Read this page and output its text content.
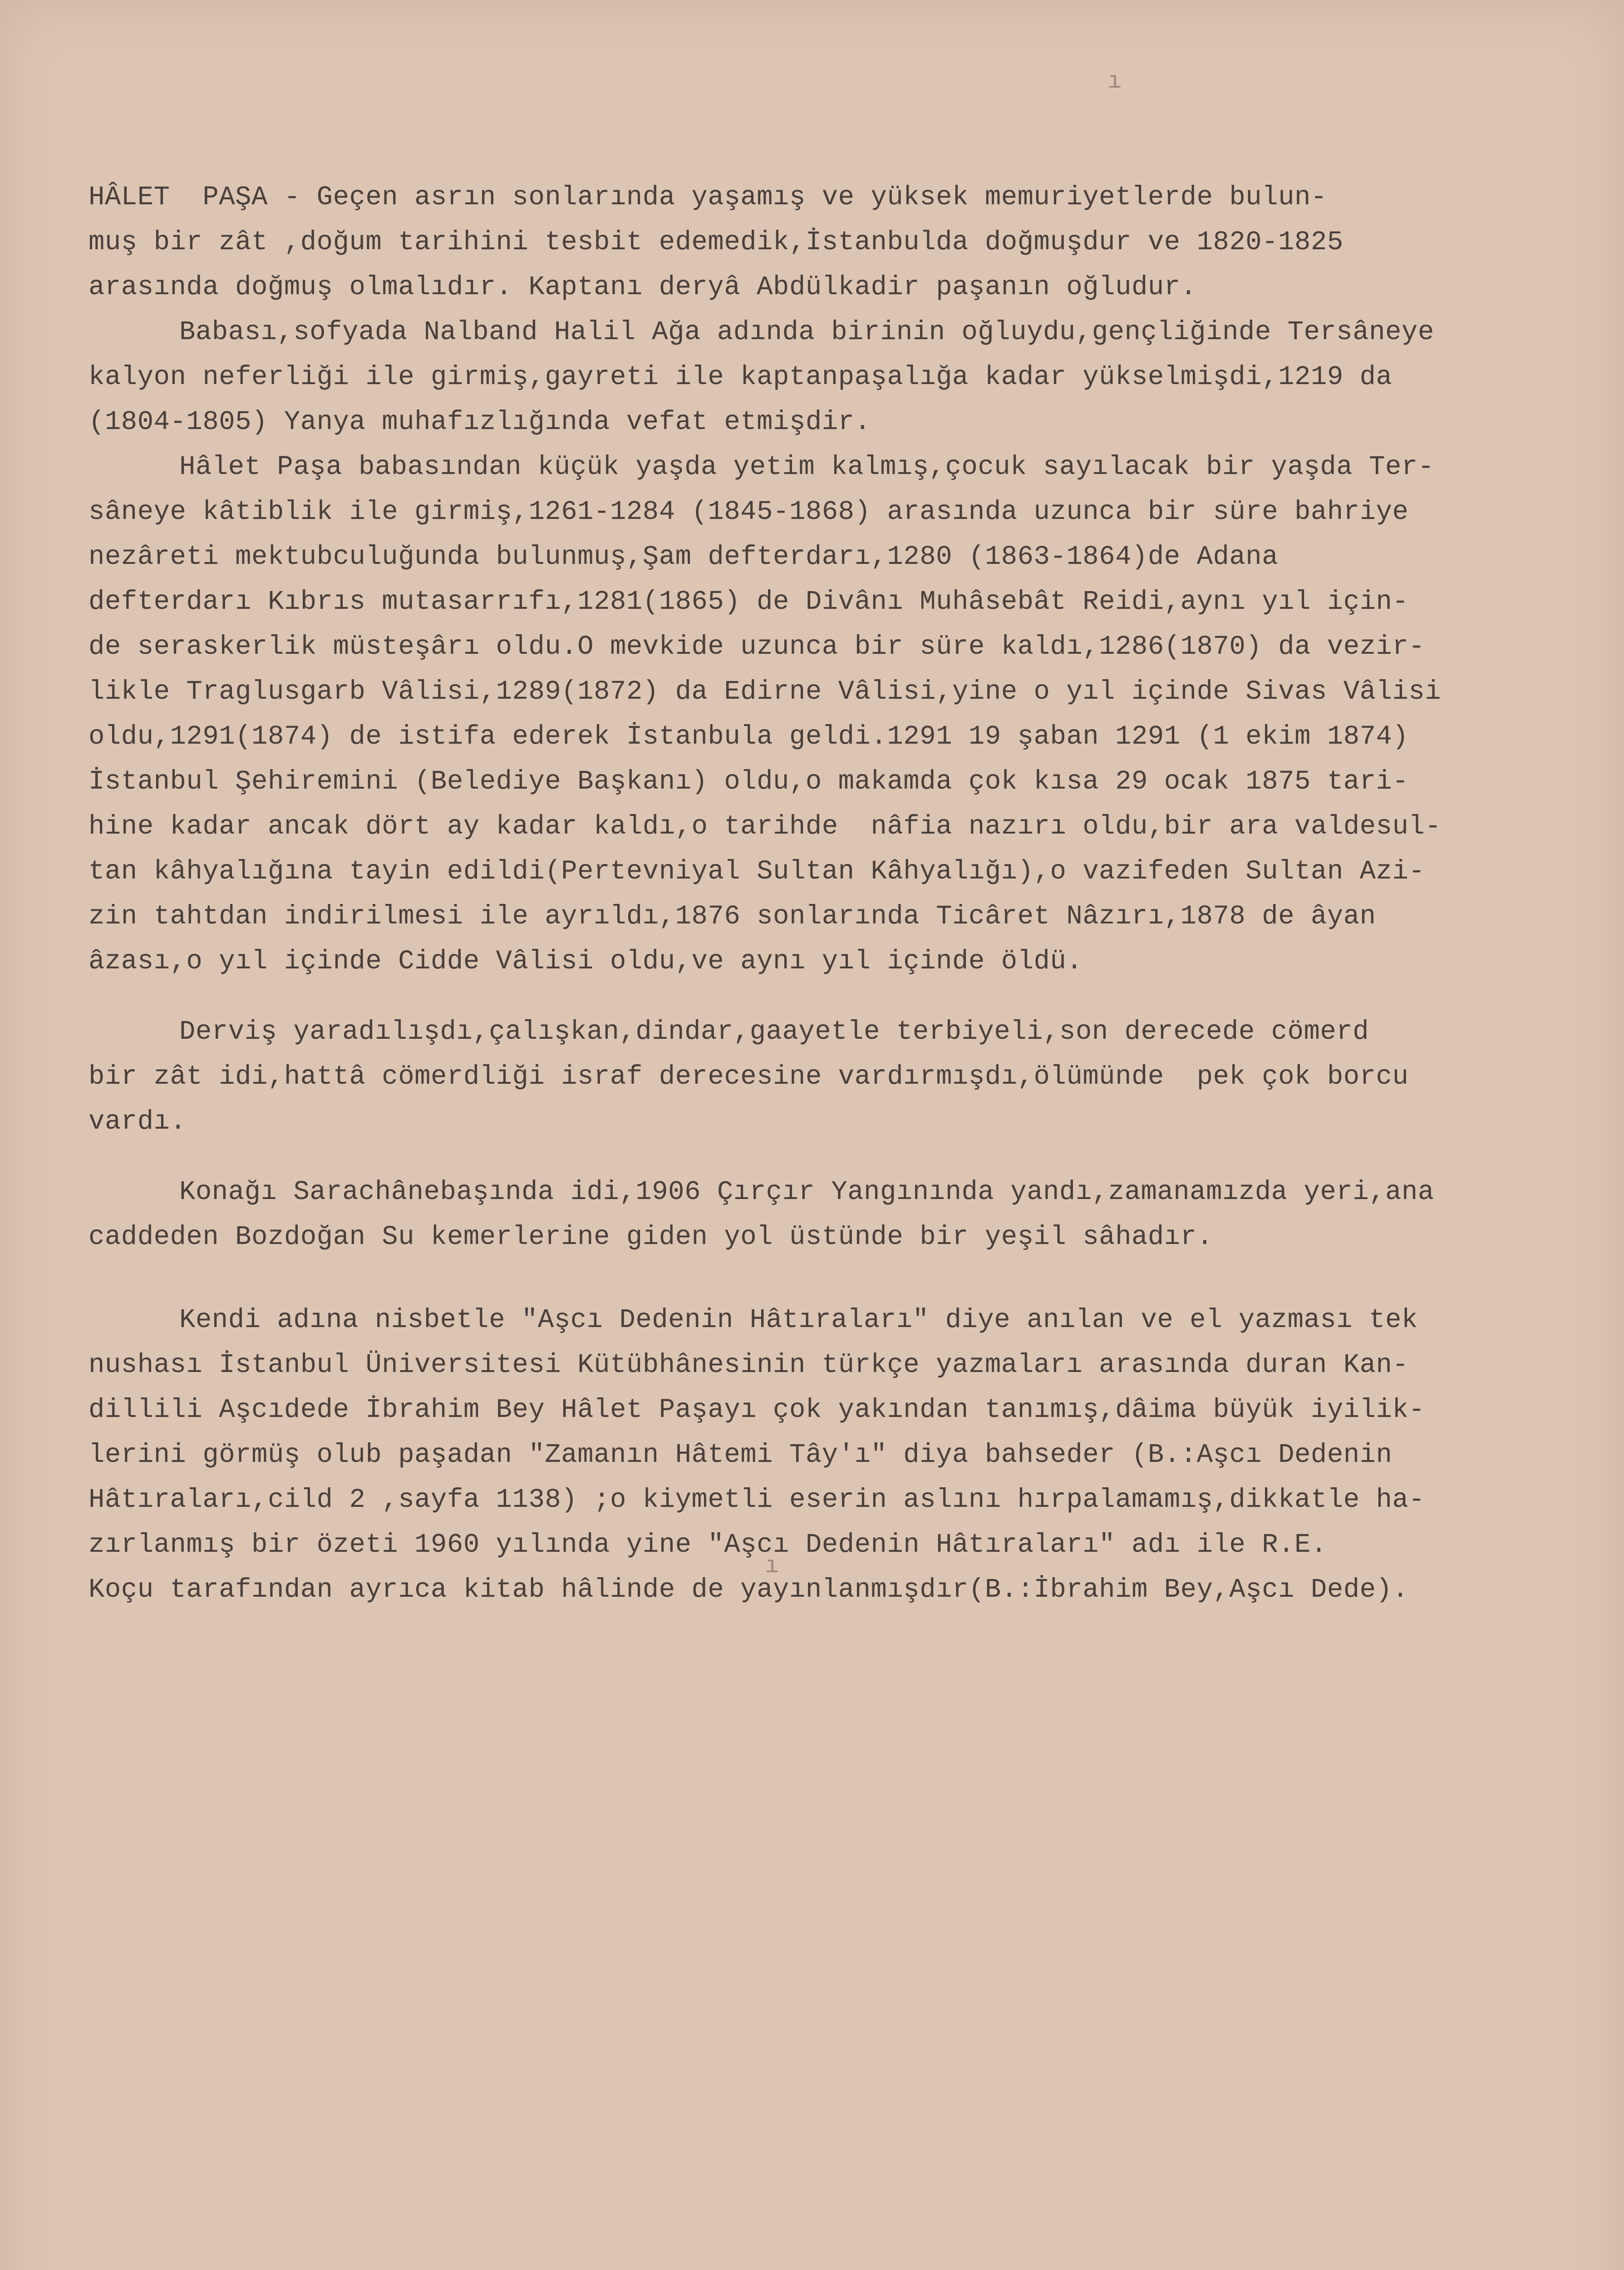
HÂLET  PAŞA - Geçen asrın sonlarında yaşamış ve yüksek memuriyetlerde bulun-
muş bir zât ,doğum tarihini tesbit edemedik,İstanbulda doğmuşdur ve 1820-1825
arasında doğmuş olmalıdır. Kaptanı deryâ Abdülkadir paşanın oğludur.
Babası,sofyada Nalband Halil Ağa adında birinin oğluydu,gençliğinde Tersâneye
kalyon neferliği ile girmiş,gayreti ile kaptanpaşalığa kadar yükselmişdi,1219 da
(1804-1805) Yanya muhafızlığında vefat etmişdir.
Hâlet Paşa babasından küçük yaşda yetim kalmış,çocuk sayılacak bir yaşda Ter-
sâneye kâtiblik ile girmiş,1261-1284 (1845-1868) arasında uzunca bir süre bahriye
nezâreti mektubculuğunda bulunmuş,Şam defterdarı,1280 (1863-1864)de Adana
defterdarı Kıbrıs mutasarrıfı,1281(1865) de Divânı Muhâsebât Reidi,aynı yıl için-
de seraskerlik müsteşârı oldu.O mevkide uzunca bir süre kaldı,1286(1870) da vezir-
likle Traglusgarb Vâlisi,1289(1872) da Edirne Vâlisi,yine o yıl içinde Sivas Vâlisi
oldu,1291(1874) de istifa ederek İstanbula geldi.1291 19 şaban 1291 (1 ekim 1874)
İstanbul Şehiremini (Belediye Başkanı) oldu,o makamda çok kısa 29 ocak 1875 tari-
hine kadar ancak dört ay kadar kaldı,o tarihde  nâfia nazırı oldu,bir ara valdesul-
tan kâhyalığına tayin edildi(Pertevniyal Sultan Kâhyalığı),o vazifeden Sultan Azi-
zin tahtdan indirilmesi ile ayrıldı,1876 sonlarında Ticâret Nâzırı,1878 de âyan
âzası,o yıl içinde Cidde Vâlisi oldu,ve aynı yıl içinde öldü.
Derviş yaradılışdı,çalışkan,dindar,gaayetle terbiyeli,son derecede cömerd
bir zât idi,hattâ cömerdliği israf derecesine vardırmışdı,ölümünde  pek çok borcu
vardı.
Konağı Sarachânebaşında idi,1906 Çırçır Yangınında yandı,zamanamızda yeri,ana
caddeden Bozdoğan Su kemerlerine giden yol üstünde bir yeşil sâhadır.
Kendi adına nisbetle "Aşcı Dedenin Hâtıraları" diye anılan ve el yazması tek
nushası İstanbul Üniversitesi Kütübhânesinin türkçe yazmaları arasında duran Kan-
dillili Aşcıdede İbrahim Bey Hâlet Paşayı çok yakından tanımış,dâima büyük iyilik-
lerini görmüş olub paşadan "Zamanın Hâtemi Tây'ı" diya bahseder (B.:Aşcı Dedenin
Hâtıraları,cild 2 ,sayfa 1138) ;o kiymetli eserin aslını hırpalamamış,dikkatle ha-
zırlanmış bir özeti 1960 yılında yine "Aşcı Dedenin Hâtıraları" adı ile R.E.
Koçu tarafından ayrıca kitab hâlinde de yayınlanmışdır(B.:İbrahim Bey,Aşcı Dede).
ı
ı
